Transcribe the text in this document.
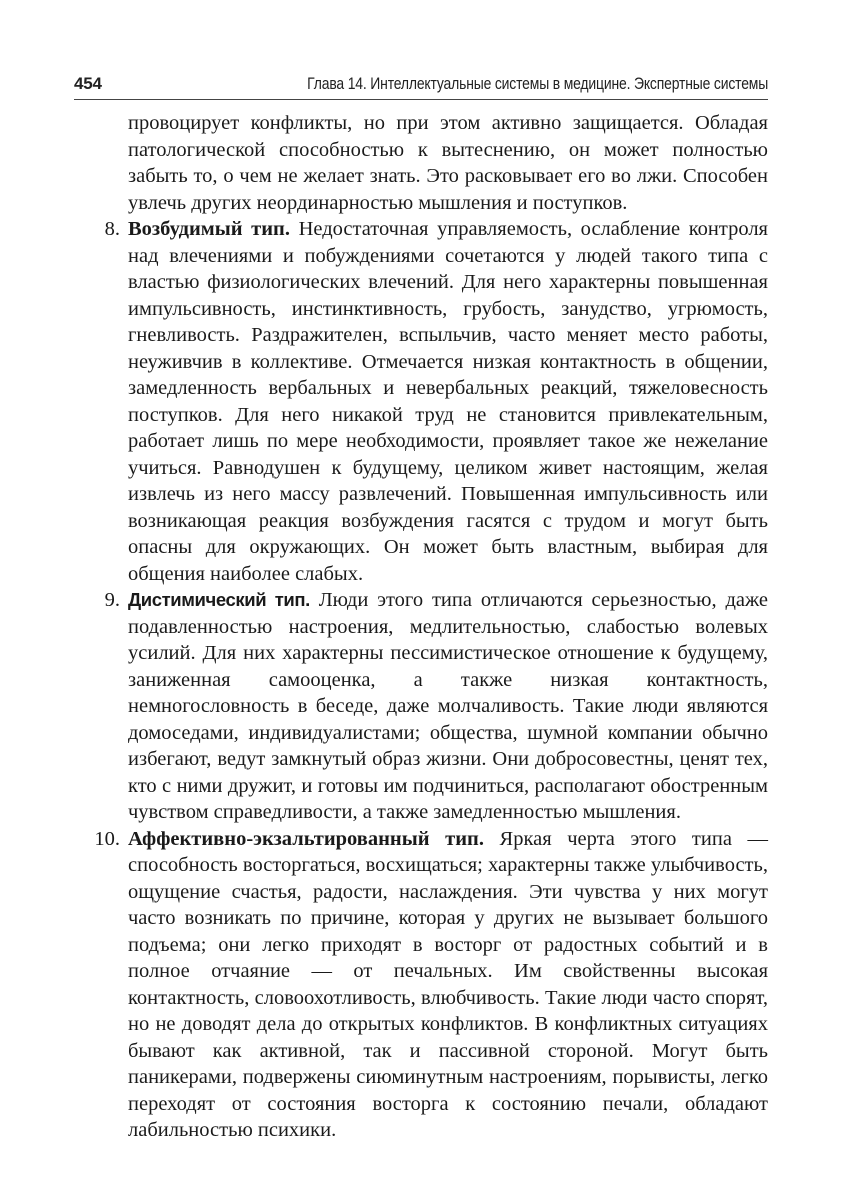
454	Глава 14. Интеллектуальные системы в медицине. Экспертные системы

провоцирует конфликты, но при этом активно защищается. Обладая патологической способностью к вытеснению, он может полностью забыть то, о чем не желает знать. Это расковывает его во лжи. Способен увлечь других неординарностью мышления и поступков.

8. Возбудимый тип. Недостаточная управляемость, ослабление контроля над влечениями и побуждениями сочетаются у людей такого типа с властью физиологических влечений. Для него характерны повышенная импульсивность, инстинктивность, грубость, занудство, угрюмость, гневливость. Раздражителен, вспыльчив, часто меняет место работы, неуживчив в коллективе. Отмечается низкая контактность в общении, замедленность вербальных и невербальных реакций, тяжеловесность поступков. Для него никакой труд не становится привлекательным, работает лишь по мере необходимости, проявляет такое же нежелание учиться. Равнодушен к будущему, целиком живет настоящим, желая извлечь из него массу развлечений. Повышенная импульсивность или возникающая реакция возбуждения гасятся с трудом и могут быть опасны для окружающих. Он может быть властным, выбирая для общения наиболее слабых.

9. Дистимический тип. Люди этого типа отличаются серьезностью, даже подавленностью настроения, медлительностью, слабостью волевых усилий. Для них характерны пессимистическое отношение к будущему, заниженная самооценка, а также низкая контактность, немногословность в беседе, даже молчаливость. Такие люди являются домоседами, индивидуалистами; общества, шумной компании обычно избегают, ведут замкнутый образ жизни. Они добросовестны, ценят тех, кто с ними дружит, и готовы им подчиниться, располагают обостренным чувством справедливости, а также замедленностью мышления.

10. Аффективно-экзальтированный тип. Яркая черта этого типа — способность восторгаться, восхищаться; характерны также улыбчивость, ощущение счастья, радости, наслаждения. Эти чувства у них могут часто возникать по причине, которая у других не вызывает большого подъема; они легко приходят в восторг от радостных событий и в полное отчаяние — от печальных. Им свойственны высокая контактность, словоохотливость, влюбчивость. Такие люди часто спорят, но не доводят дела до открытых конфликтов. В конфликтных ситуациях бывают как активной, так и пассивной стороной. Могут быть паникерами, подвержены сиюминутным настроениям, порывисты, легко переходят от состояния восторга к состоянию печали, обладают лабильностью психики.
